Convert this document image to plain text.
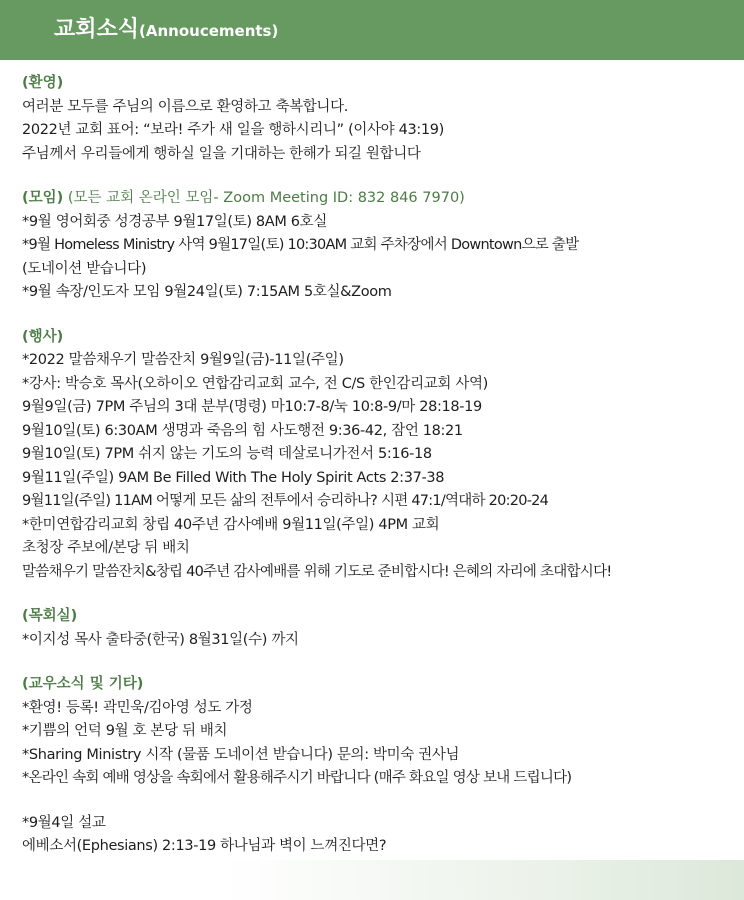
교회소식(Annoucements)
(환영)
여러분 모두를 주님의 이름으로 환영하고 축복합니다.
2022년 교회 표어: “보라! 주가 새 일을 행하시리니” (이사야 43:19)
주님께서 우리들에게 행하실 일을 기대하는 한해가 되길 원합니다
(모임) (모든 교회 온라인 모임- Zoom Meeting ID: 832 846 7970)
*9월 영어회중 성경공부 9월17일(토) 8AM 6호실
*9월 Homeless Ministry 사역 9월17일(토) 10:30AM 교회 주차장에서 Downtown으로 출발
(도네이션 받습니다)
*9월 속장/인도자 모임 9월24일(토) 7:15AM 5호실&Zoom
(행사)
*2022 말씀채우기 말씀잔치 9월9일(금)-11일(주일)
*강사: 박승호 목사(오하이오 연합감리교회 교수, 전 C/S 한인감리교회 사역)
9월9일(금) 7PM 주님의 3대 분부(명령) 마10:7-8/눅 10:8-9/마 28:18-19
9월10일(토) 6:30AM 생명과 죽음의 힘 사도행전 9:36-42, 잠언 18:21
9월10일(토) 7PM 쉬지 않는 기도의 능력 데살로니가전서 5:16-18
9월11일(주일) 9AM Be Filled With The Holy Spirit Acts 2:37-38
9월11일(주일) 11AM 어떻게 모든 삶의 전투에서 승리하나? 시편 47:1/역대하 20:20-24
*한미연합감리교회 창립 40주년 감사예배 9월11일(주일) 4PM 교회
초청장 주보에/본당 뒤 배치
말씀채우기 말씀잔치&창립 40주년 감사예배를 위해 기도로 준비합시다! 은혜의 자리에 초대합시다!
(목회실)
*이지성 목사 출타중(한국) 8월31일(수) 까지
(교우소식 및 기타)
*환영! 등록! 곽민욱/김아영 성도 가정
*기쁨의 언덕 9월 호 본당 뒤 배치
*Sharing Ministry 시작 (물품 도네이션 받습니다) 문의: 박미숙 권사님
*온라인 속회 예배 영상을 속회에서 활용해주시기 바랍니다 (매주 화요일 영상 보내 드립니다)
*9월4일 설교
에베소서(Ephesians) 2:13-19 하나님과 벽이 느껴진다면?
